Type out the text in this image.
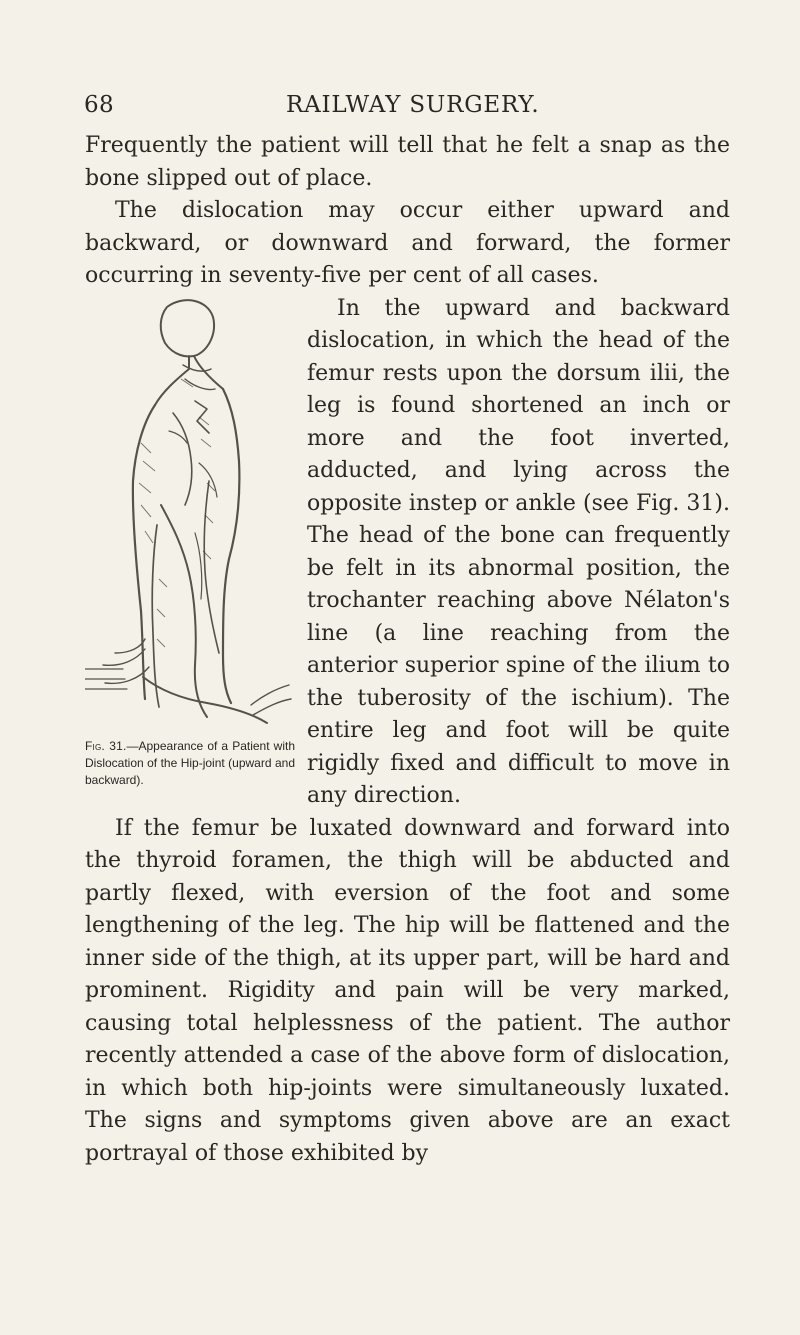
68	RAILWAY SURGERY.

Frequently the patient will tell that he felt a snap as the bone slipped out of place.

The dislocation may occur either upward and backward, or downward and forward, the former occurring in seventy-five per cent of all cases.

Fig. 31.—Appearance of a Patient with Dislocation of the Hip-joint (upward and backward).

In the upward and backward dislocation, in which the head of the femur rests upon the dorsum ilii, the leg is found shortened an inch or more and the foot inverted, adducted, and lying across the opposite instep or ankle (see Fig. 31). The head of the bone can frequently be felt in its abnormal position, the trochanter reaching above Nélaton's line (a line reaching from the anterior superior spine of the ilium to the tuberosity of the ischium). The entire leg and foot will be quite rigidly fixed and difficult to move in any direction.

If the femur be luxated downward and forward into the thyroid foramen, the thigh will be abducted and partly flexed, with eversion of the foot and some lengthening of the leg. The hip will be flattened and the inner side of the thigh, at its upper part, will be hard and prominent. Rigidity and pain will be very marked, causing total helplessness of the patient. The author recently attended a case of the above form of dislocation, in which both hip-joints were simultaneously luxated. The signs and symptoms given above are an exact portrayal of those exhibited by
